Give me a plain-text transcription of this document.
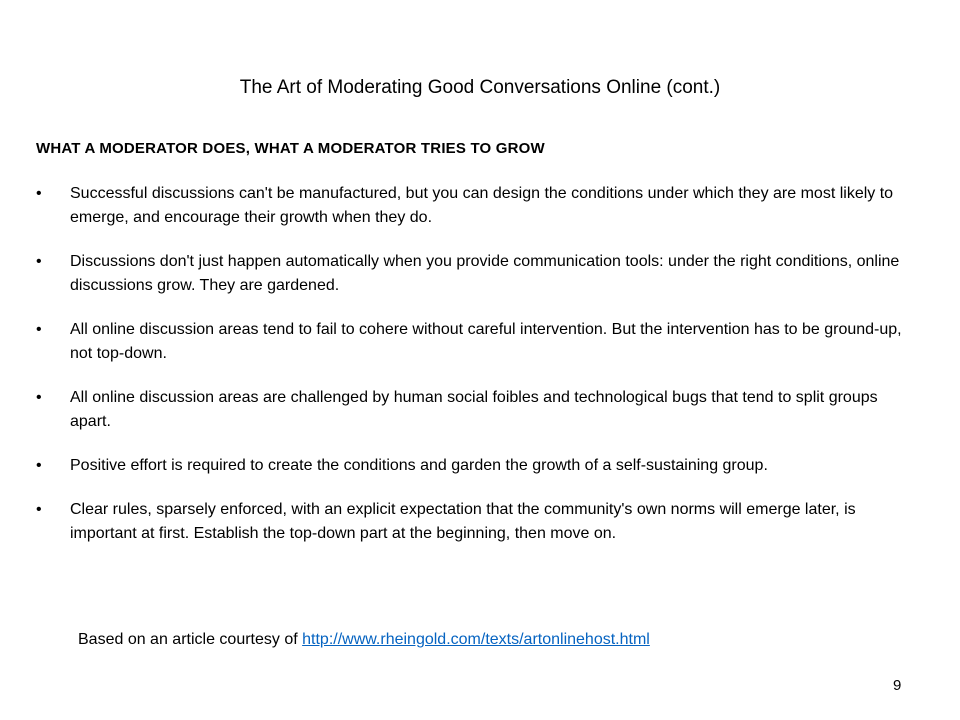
The Art of Moderating Good Conversations Online (cont.)
WHAT A MODERATOR DOES, WHAT A MODERATOR TRIES TO GROW
• Successful discussions can't be manufactured, but you can design the conditions under which they are most likely to emerge, and encourage their growth when they do.
• Discussions don't just happen automatically when you provide communication tools: under the right conditions, online discussions grow. They are gardened.
• All online discussion areas tend to fail to cohere without careful intervention. But the intervention has to be ground-up, not top-down.
• All online discussion areas are challenged by human social foibles and technological bugs that tend to split groups apart.
• Positive effort is required to create the conditions and garden the growth of a self-sustaining group.
• Clear rules, sparsely enforced, with an explicit expectation that the community's own norms will emerge later, is important at first. Establish the top-down part at the beginning, then move on.
Based on an article courtesy of http://www.rheingold.com/texts/artonlinehost.html
9
